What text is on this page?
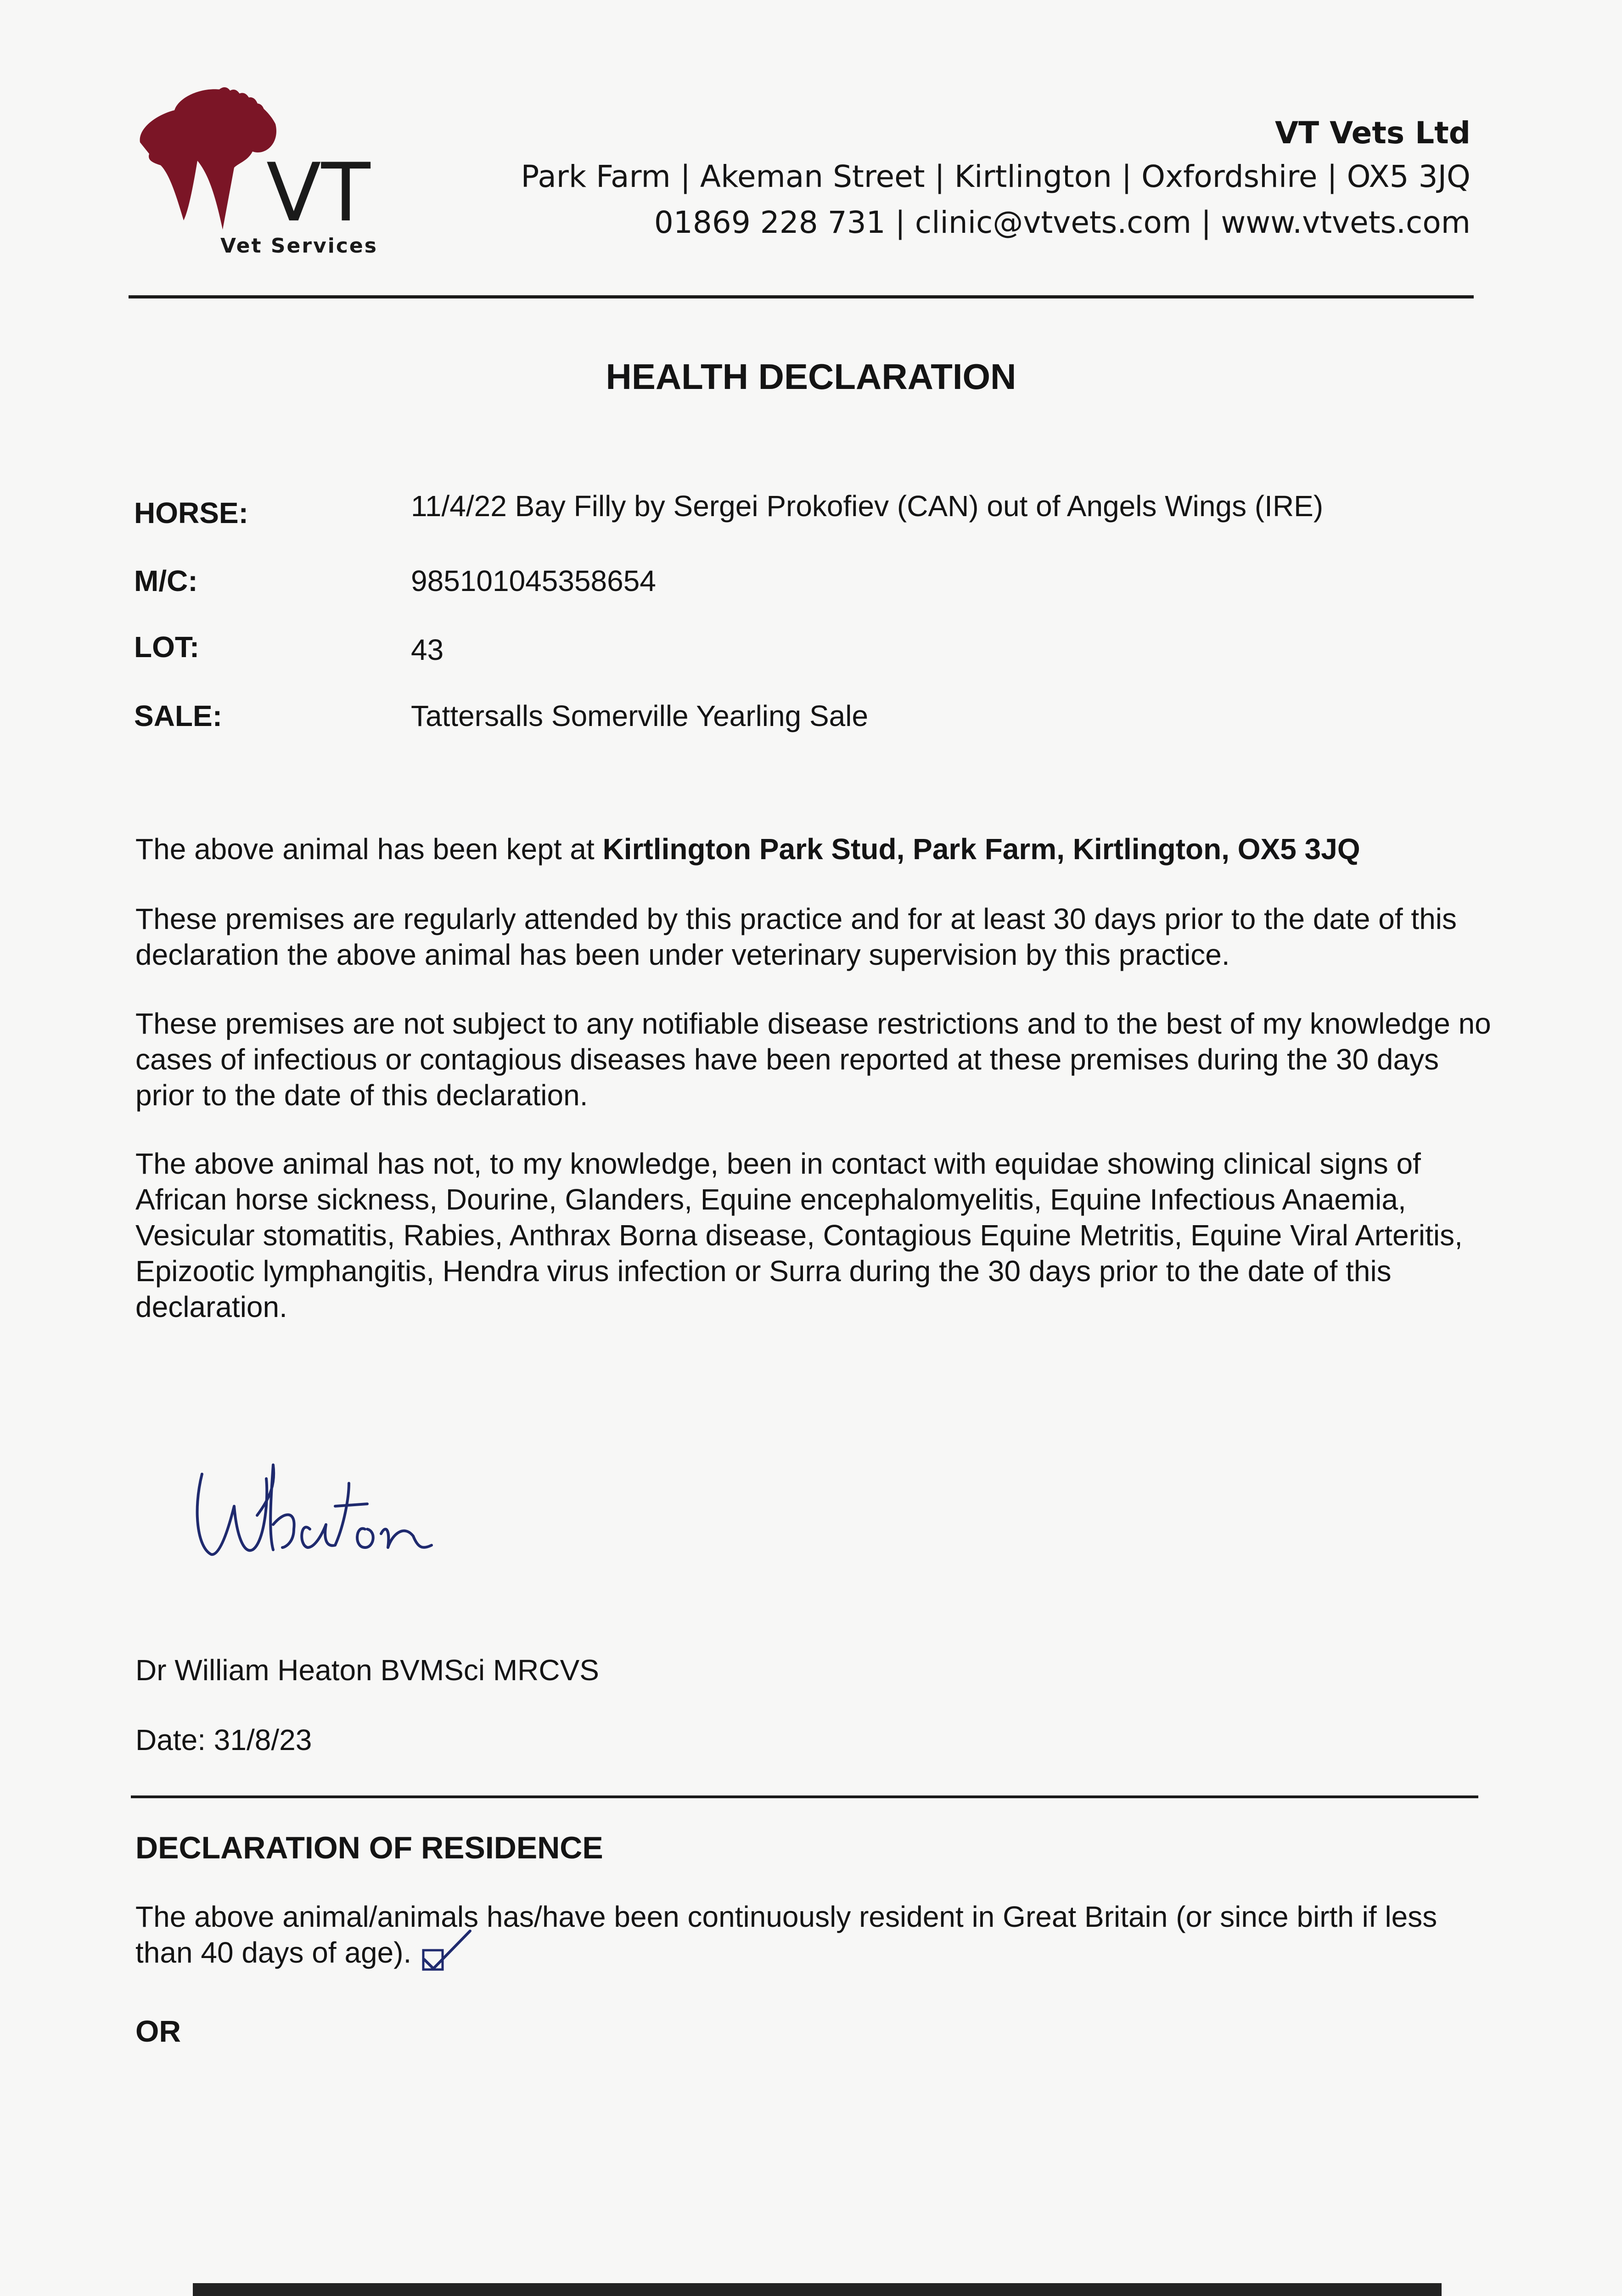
VT
Vet Services
VT Vets Ltd
Park Farm | Akeman Street | Kirtlington | Oxfordshire | OX5 3JQ
01869 228 731 | clinic@vtvets.com | www.vtvets.com
HEALTH DECLARATION
HORSE:	11/4/22 Bay Filly by Sergei Prokofiev (CAN) out of Angels Wings (IRE)
M/C:	985101045358654
LOT:	43
SALE:	Tattersalls Somerville Yearling Sale
The above animal has been kept at Kirtlington Park Stud, Park Farm, Kirtlington, OX5 3JQ
These premises are regularly attended by this practice and for at least 30 days prior to the date of this declaration the above animal has been under veterinary supervision by this practice.
These premises are not subject to any notifiable disease restrictions and to the best of my knowledge no cases of infectious or contagious diseases have been reported at these premises during the 30 days prior to the date of this declaration.
The above animal has not, to my knowledge, been in contact with equidae showing clinical signs of African horse sickness, Dourine, Glanders, Equine encephalomyelitis, Equine Infectious Anaemia, Vesicular stomatitis, Rabies, Anthrax Borna disease, Contagious Equine Metritis, Equine Viral Arteritis, Epizootic lymphangitis, Hendra virus infection or Surra during the 30 days prior to the date of this declaration.
Dr William Heaton BVMSci MRCVS
Date: 31/8/23
DECLARATION OF RESIDENCE
The above animal/animals has/have been continuously resident in Great Britain (or since birth if less than 40 days of age).
OR
